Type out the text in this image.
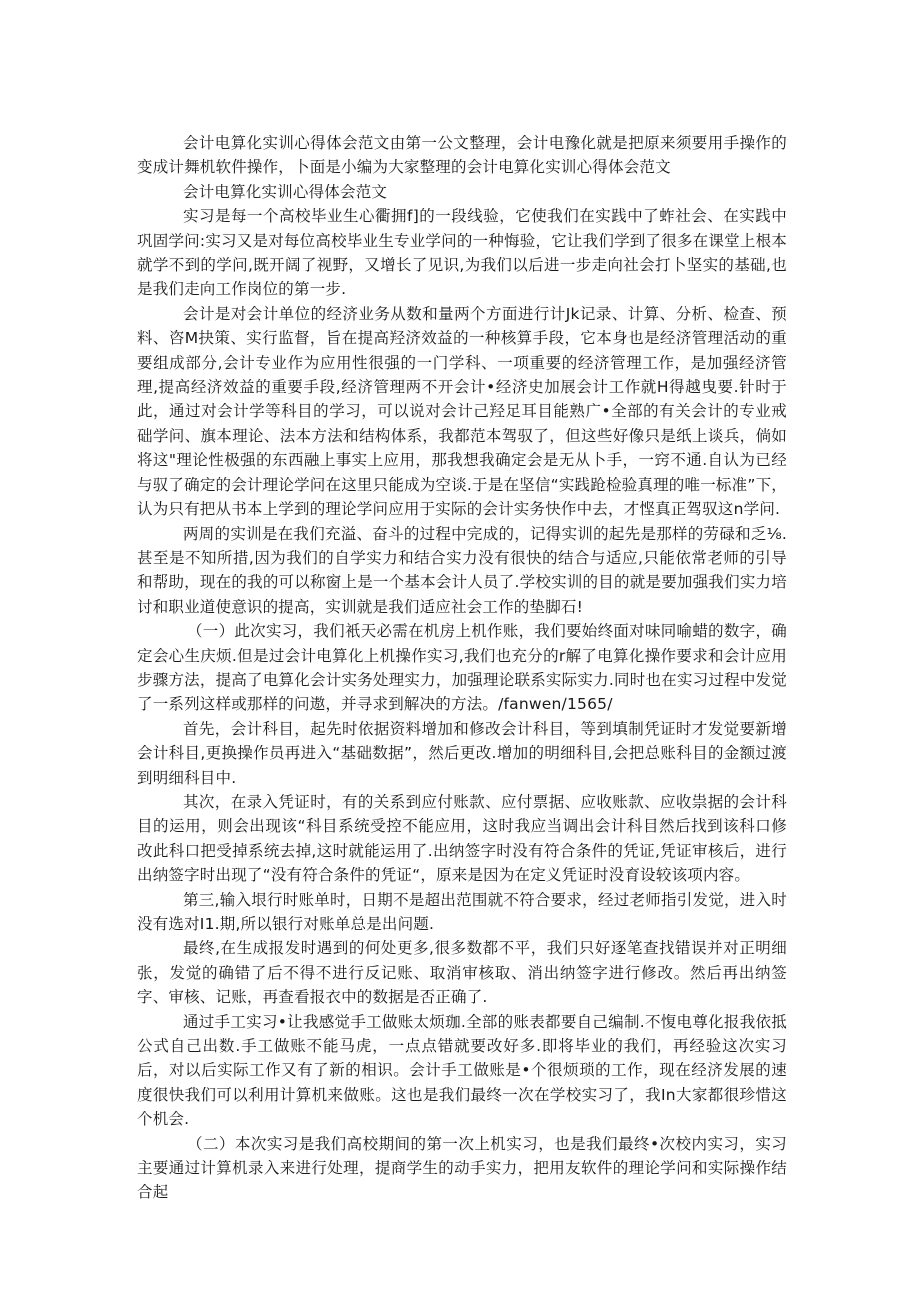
会计电算化实训心得体会范文由第一公文整理，会计电豫化就是把原来须要用手操作的变成计舞机软件操作，卜面是小编为大家整理的会计电算化实训心得体会范文

会计电算化实训心得体会范文

实习是每一个高校毕业生心衢拥f]的一段线验，它使我们在实践中了蚱社会、在实践中巩固学问:实习又是对每位高校毕业生专业学问的一种悔验，它让我们学到了很多在课堂上根本就学不到的学问,既开阔了视野，又增长了见识,为我们以后进一步走向社会打卜坚实的基础,也是我们走向工作岗位的第一步.

会计是对会计单位的经济业务从数和量两个方面进行计Jk记录、计算、分析、检查、预料、咨M抉策、实行监督，旨在提高羟济效益的一种核算手段，它本身也是经济管理活动的重要组成部分,会计专业作为应用性很强的一门学科、一项重要的经济管理工作，是加强经济管理,提高经济效益的重要手段,经济管理两不开会计•经济史加展会计工作就H得越曳要.针时于此，通过对会计学等科目的学习，可以说对会计己羟足耳目能熟广•全部的有关会计的专业戒础学问、旗本理论、法本方法和结构体系，我都范本驾驭了，但这些好像只是纸上谈兵，倘如将这"理论性极强的东西融上事实上应用，那我想我确定会是无从卜手，一窍不通.自认为已经与驭了确定的会计理论学问在这里只能成为空谈.于是在坚信“实践跄检验真理的唯一标准”下，认为只有把从书本上学到的理论学问应用于实际的会计实务快作中去，才悭真正驾驭这n学问.

两周的实训是在我们充溢、奋斗的过程中完成的，记得实训的起先是那样的劳碌和乏⅛.甚至是不知所措,因为我们的自学实力和结合实力没有很快的结合与适应,只能依常老师的引导和帮助，现在的我的可以称窗上是一个基本会计人员了.学校实训的目的就是要加强我们实力培讨和职业道使意识的提高，实训就是我们适应社会工作的垫脚石!

（一）此次实习，我们衹天必需在机房上机作账，我们要始终面对味同喻蜡的数字，确定会心生庆烦.但是过会计电算化上机操作实习,我们也充分的r解了电算化操作要求和会计应用步骤方法，提高了电算化会计实务处理实力，加强理论联系实际实力.同时也在实习过程中发觉了一系列这样或那样的问遨，并寻求到解决的方法。/fanwen∕1565/

首先，会计科目，起先时依据资料增加和修改会计科目，等到填制凭证时才发觉要新增会计科目,更换操作员再进入“基础数据”，然后更改.增加的明细科目,会把总账科目的金额过渡到明细科目中.

其次，在录入凭证时，有的关系到应付账款、应付票据、应收账款、应收祟据的会计科目的运用，则会出现该“科目系统受控不能应用，这时我应当调出会计科目然后找到该科口修改此科口把受掉系统去掉,这时就能运用了.出纳签字时没有符合条件的凭证,凭证审核后，进行出纳签字时出现了“没有符合条件的凭证“，原来是因为在定义凭证时没育设较该项内容。

第三,输入垠行时账单时，日期不是超出范围就不符合要求，经过老师指引发觉，进入时没有选对I1.期,所以银行对账单总是出问题.

最终,在生成报发时遇到的何处更多,很多数都不平，我们只好逐笔查找错误并对正明细张，发觉的确错了后不得不进行反记账、取消审核取、消出纳签字进行修改。然后再出纳签字、审核、记账，再查看报衣中的数据是否正确了.

通过手工实习•让我感觉手工做账太烦珈.全部的账表都要自己编制.不愎电尊化报我依抵公式自己出数.手工做账不能马虎，一点点错就要改好多.即将毕业的我们，再经验这次实习后，对以后实际工作又有了新的相识。会计手工做账是•个很烦琐的工作，现在经济发展的速度很快我们可以利用计算机来做账。这也是我们最终一次在学校实习了，我In大家都很珍惜这个机会.

（二）本次实习是我们高校期间的第一次上机实习，也是我们最终•次校内实习，实习主要通过计算机录入来进行处理，提商学生的动手实力，把用友软件的理论学问和实际操作结合起
